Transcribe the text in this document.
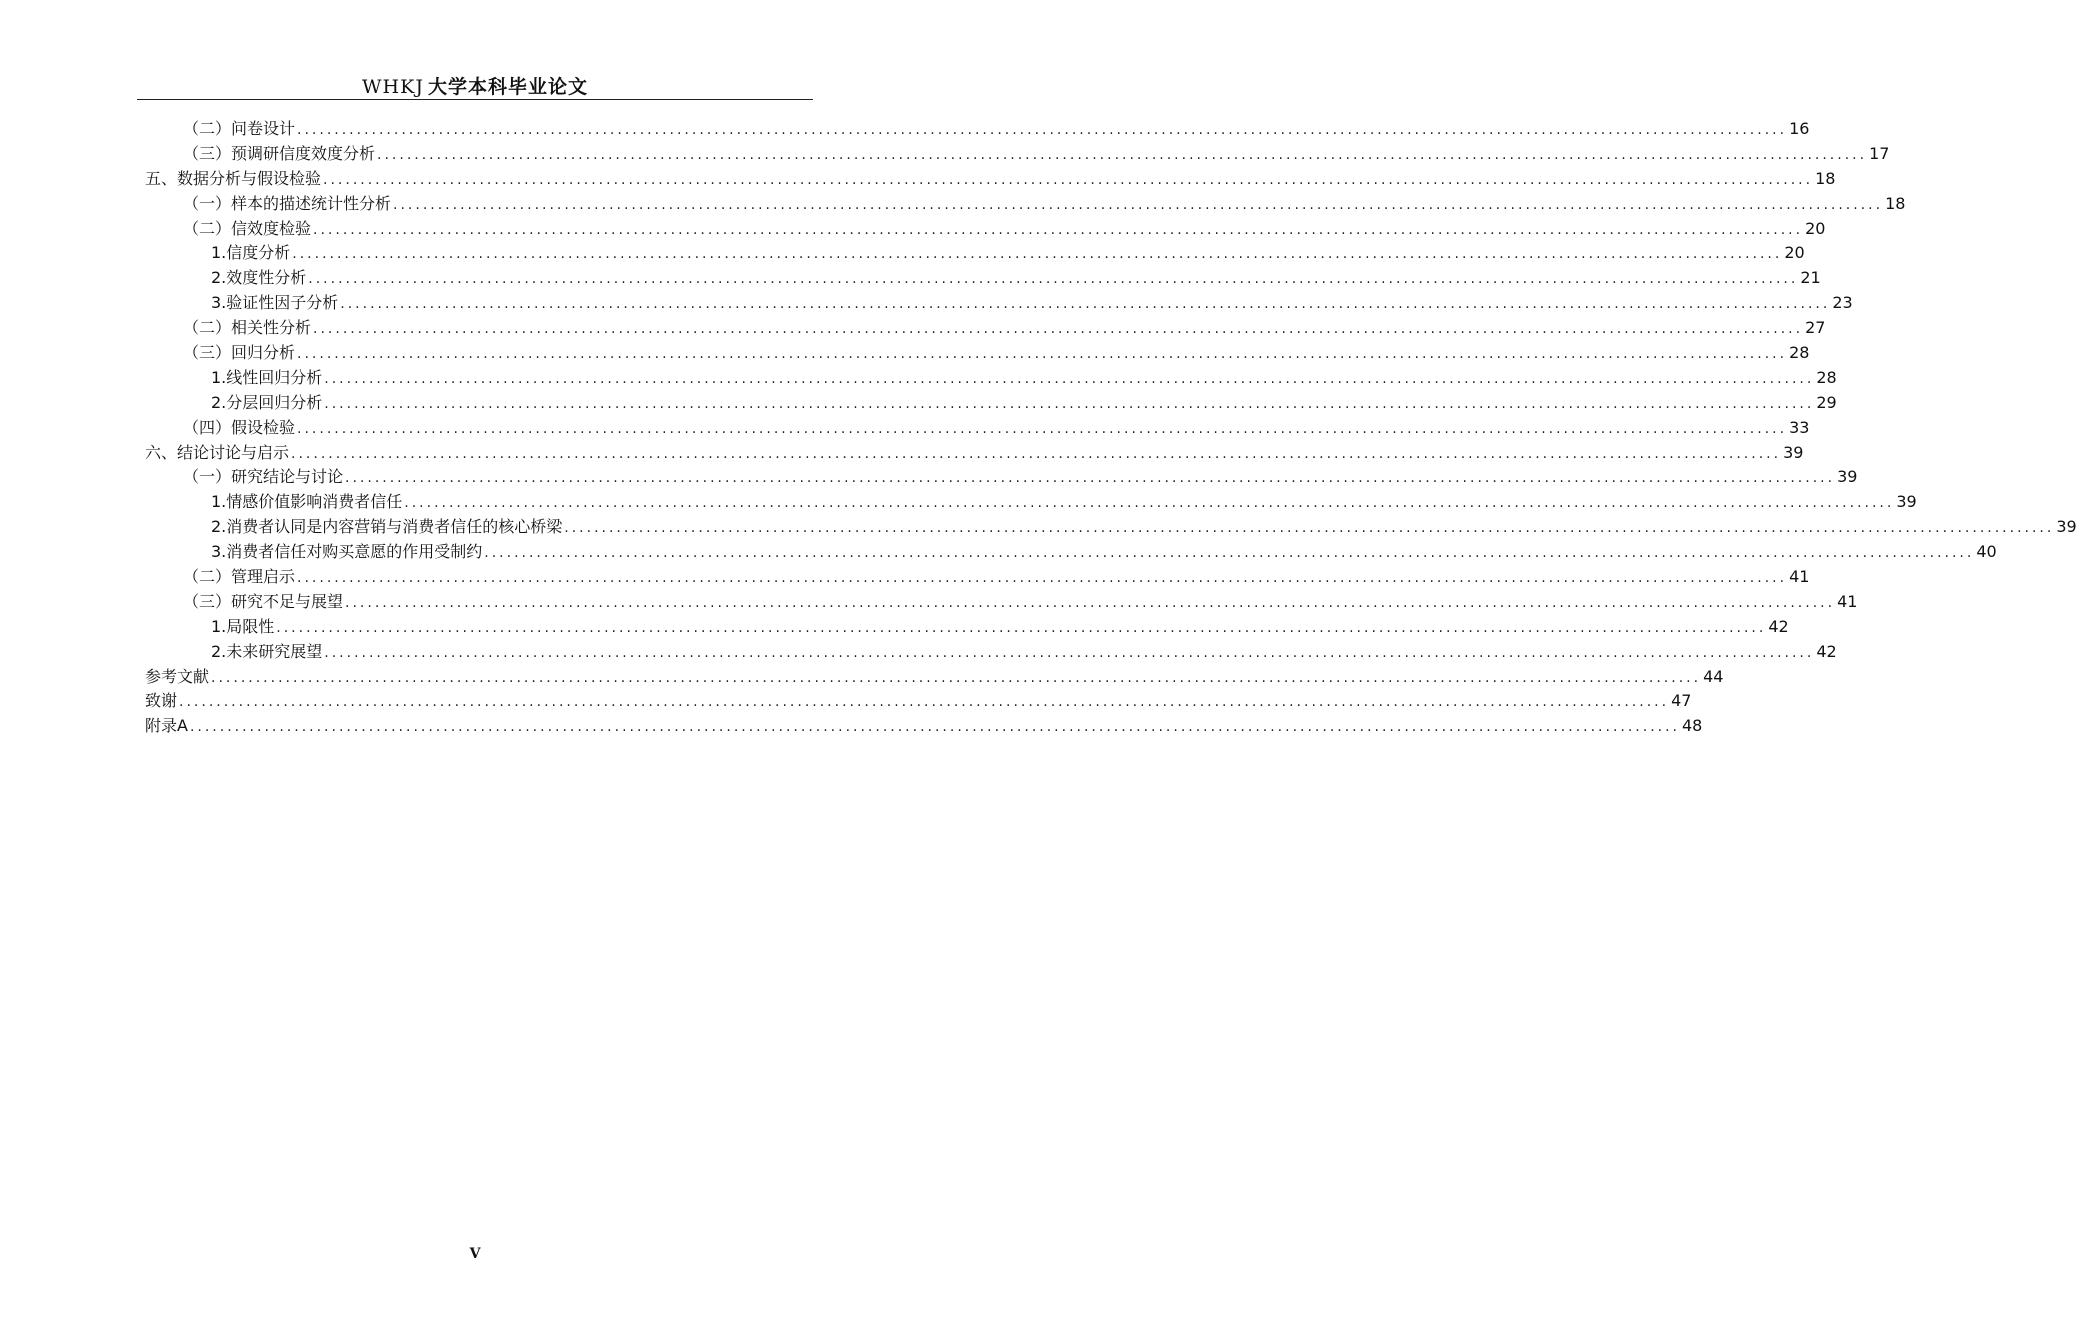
WHKJ 大学本科毕业论文
（二）问卷设计 ........................................................................................................................................................................................................ 16
（三）预调研信度效度分析 ........................................................................................................................................................................................................ 17
五、数据分析与假设检验 ........................................................................................................................................................................................................ 18
（一）样本的描述统计性分析 ........................................................................................................................................................................................................ 18
（二）信效度检验 ........................................................................................................................................................................................................ 20
1.信度分析 ........................................................................................................................................................................................................ 20
2.效度性分析 ........................................................................................................................................................................................................ 21
3.验证性因子分析 ........................................................................................................................................................................................................ 23
（二）相关性分析 ........................................................................................................................................................................................................ 27
（三）回归分析 ........................................................................................................................................................................................................ 28
1.线性回归分析 ........................................................................................................................................................................................................ 28
2.分层回归分析 ........................................................................................................................................................................................................ 29
（四）假设检验 ........................................................................................................................................................................................................ 33
六、结论讨论与启示 ........................................................................................................................................................................................................ 39
（一）研究结论与讨论 ........................................................................................................................................................................................................ 39
1.情感价值影响消费者信任 ........................................................................................................................................................................................................ 39
2.消费者认同是内容营销与消费者信任的核心桥梁 ........................................................................................................................................................................................................ 39
3.消费者信任对购买意愿的作用受制约 ........................................................................................................................................................................................................ 40
（二）管理启示 ........................................................................................................................................................................................................ 41
（三）研究不足与展望 ........................................................................................................................................................................................................ 41
1.局限性 ........................................................................................................................................................................................................ 42
2.未来研究展望 ........................................................................................................................................................................................................ 42
参考文献 ........................................................................................................................................................................................................ 44
致谢 ........................................................................................................................................................................................................ 47
附录A ........................................................................................................................................................................................................ 48
V
